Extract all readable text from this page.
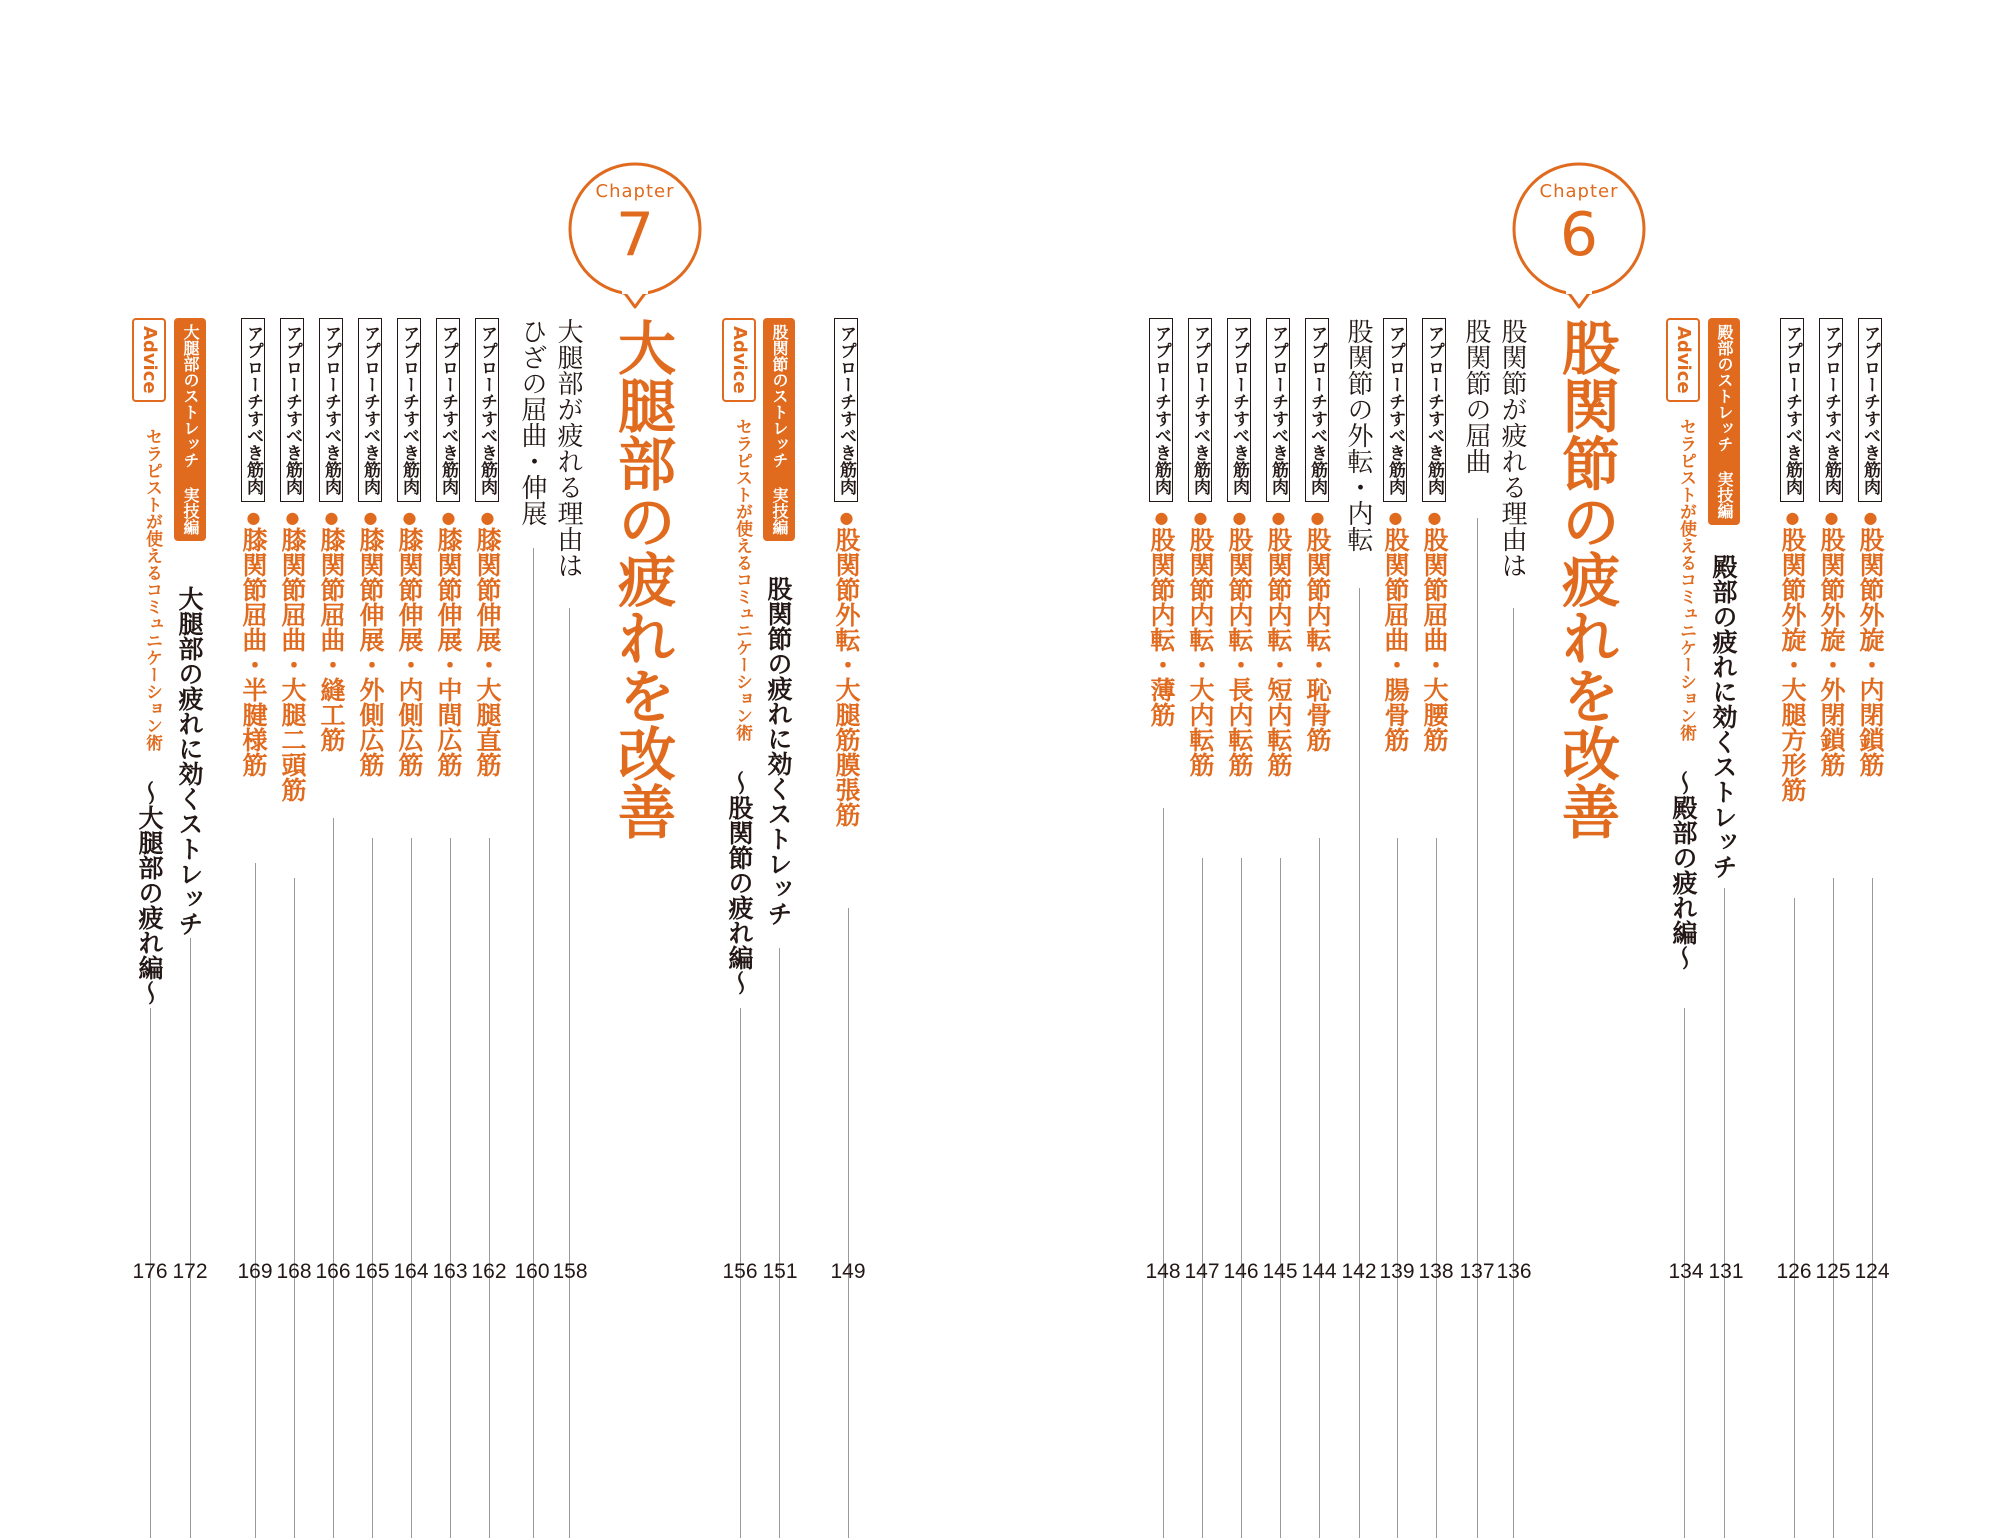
Chapter
7
大腿部の疲れを改善
大腿部が疲れる理由は
158
ひざの屈曲・伸展
160
アプローチすべき筋肉●膝関節伸展・大腿直筋
162
アプローチすべき筋肉●膝関節伸展・中間広筋
163
アプローチすべき筋肉●膝関節伸展・内側広筋
164
アプローチすべき筋肉●膝関節伸展・外側広筋
165
アプローチすべき筋肉●膝関節屈曲・縫工筋
166
アプローチすべき筋肉●膝関節屈曲・大腿二頭筋
168
アプローチすべき筋肉●膝関節屈曲・半腱様筋
169
大腿部のストレッチ 実技編
大腿部の疲れに効くストレッチ
172
Advice
セラピストが使えるコミュニケーション術
～大腿部の疲れ編～
176
アプローチすべき筋肉●股関節外転・大腿筋膜張筋
149
股関節のストレッチ 実技編
股関節の疲れに効くストレッチ
151
Advice
セラピストが使えるコミュニケーション術
～股関節の疲れ編～
156
Chapter
6
股関節の疲れを改善
股関節が疲れる理由は
136
股関節の屈曲
137
アプローチすべき筋肉●股関節屈曲・大腰筋
138
アプローチすべき筋肉●股関節屈曲・腸骨筋
139
股関節の外転・内転
142
アプローチすべき筋肉●股関節内転・恥骨筋
144
アプローチすべき筋肉●股関節内転・短内転筋
145
アプローチすべき筋肉●股関節内転・長内転筋
146
アプローチすべき筋肉●股関節内転・大内転筋
147
アプローチすべき筋肉●股関節内転・薄筋
148
アプローチすべき筋肉●股関節外旋・内閉鎖筋
124
アプローチすべき筋肉●股関節外旋・外閉鎖筋
125
アプローチすべき筋肉●股関節外旋・大腿方形筋
126
殿部のストレッチ 実技編
殿部の疲れに効くストレッチ
131
Advice
セラピストが使えるコミュニケーション術
～殿部の疲れ編～
134
